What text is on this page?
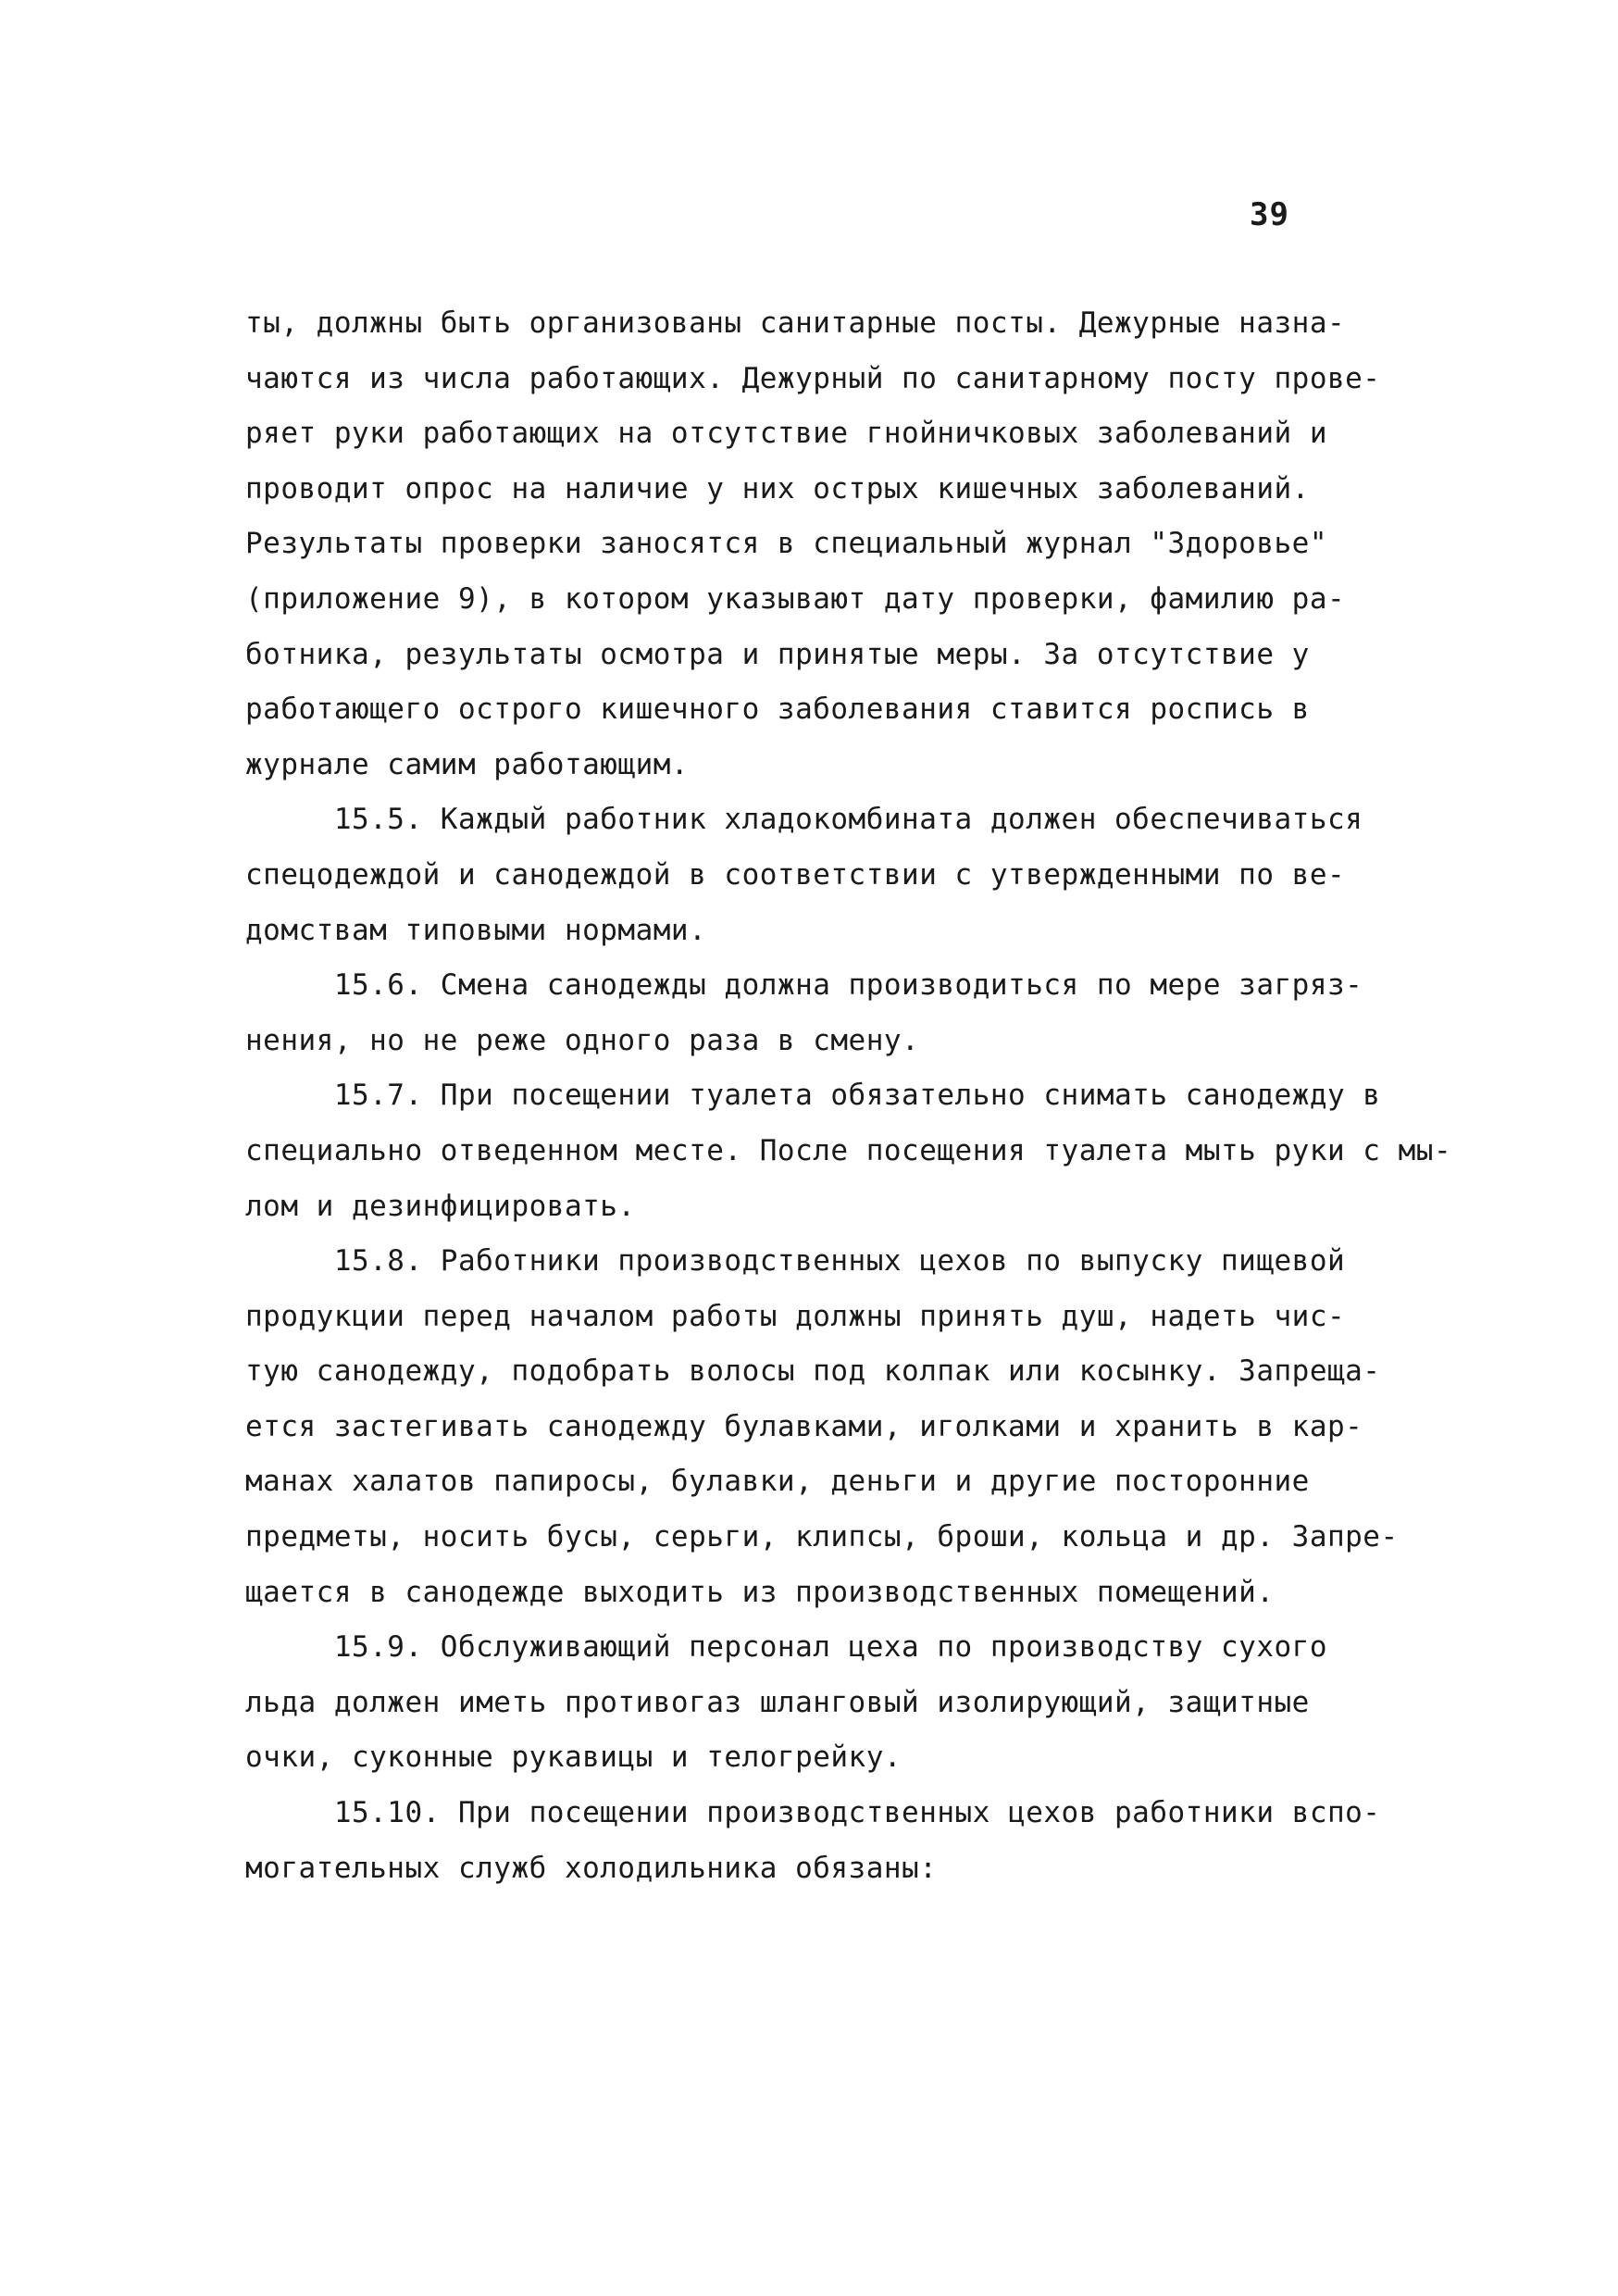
39
ты, должны быть организованы санитарные посты. Дежурные назна-
чаются из числа работающих. Дежурный по санитарному посту прове-
ряет руки работающих на отсутствие гнойничковых заболеваний и
проводит опрос на наличие у них острых кишечных заболеваний.
Результаты проверки заносятся в специальный журнал "Здоровье"
(приложение 9), в котором указывают дату проверки, фамилию ра-
ботника, результаты осмотра и принятые меры. За отсутствие у
работающего острого кишечного заболевания ставится роспись в
журнале самим работающим.
15.5. Каждый работник хладокомбината должен обеспечиваться
спецодеждой и санодеждой в соответствии с утвержденными по ве-
домствам типовыми нормами.
15.6. Смена санодежды должна производиться по мере загряз-
нения, но не реже одного раза в смену.
15.7. При посещении туалета обязательно снимать санодежду в
специально отведенном месте. После посещения туалета мыть руки с мы-
лом и дезинфицировать.
15.8. Работники производственных цехов по выпуску пищевой
продукции перед началом работы должны принять душ, надеть чис-
тую санодежду, подобрать волосы под колпак или косынку. Запреща-
ется застегивать санодежду булавками, иголками и хранить в кар-
манах халатов папиросы, булавки, деньги и другие посторонние
предметы, носить бусы, серьги, клипсы, броши, кольца и др. Запре-
щается в санодежде выходить из производственных помещений.
15.9. Обслуживающий персонал цеха по производству сухого
льда должен иметь противогаз шланговый изолирующий, защитные
очки, суконные рукавицы и телогрейку.
15.10. При посещении производственных цехов работники вспо-
могательных служб холодильника обязаны:
